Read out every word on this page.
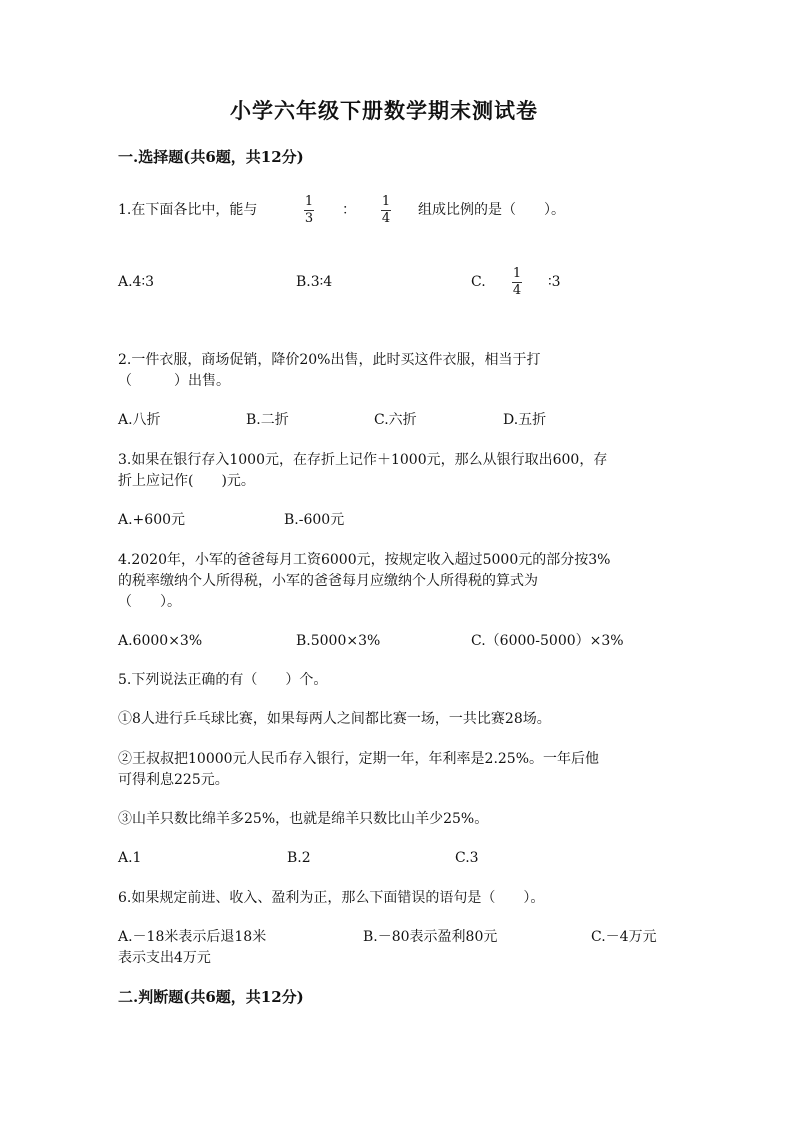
小学六年级下册数学期末测试卷
一.选择题(共6题，共12分)
1.在下面各比中，能与
1
3
：
1
4
组成比例的是（　　）。
A.4∶3	B.3∶4	C.
1
4
∶3
2.一件衣服，商场促销，降价20%出售，此时买这件衣服，相当于打
（　　　）出售。
A.八折	B.二折	C.六折	D.五折
3.如果在银行存入1000元，在存折上记作＋1000元，那么从银行取出600，存
折上应记作(　　)元。
A.+600元	B.-600元
4.2020年，小军的爸爸每月工资6000元，按规定收入超过5000元的部分按3%
的税率缴纳个人所得税，小军的爸爸每月应缴纳个人所得税的算式为
（　　）。
A.6000×3%	B.5000×3%	C.（6000-5000）×3%
5.下列说法正确的有（　　）个。
①8人进行乒乓球比赛，如果每两人之间都比赛一场，一共比赛28场。
②王叔叔把10000元人民币存入银行，定期一年，年利率是2.25%。一年后他
可得利息225元。
③山羊只数比绵羊多25%，也就是绵羊只数比山羊少25%。
A.1	B.2	C.3
6.如果规定前进、收入、盈利为正，那么下面错误的语句是（　　）。
A.－18米表示后退18米	B.－80表示盈利80元	C.－4万元
表示支出4万元
二.判断题(共6题，共12分)
